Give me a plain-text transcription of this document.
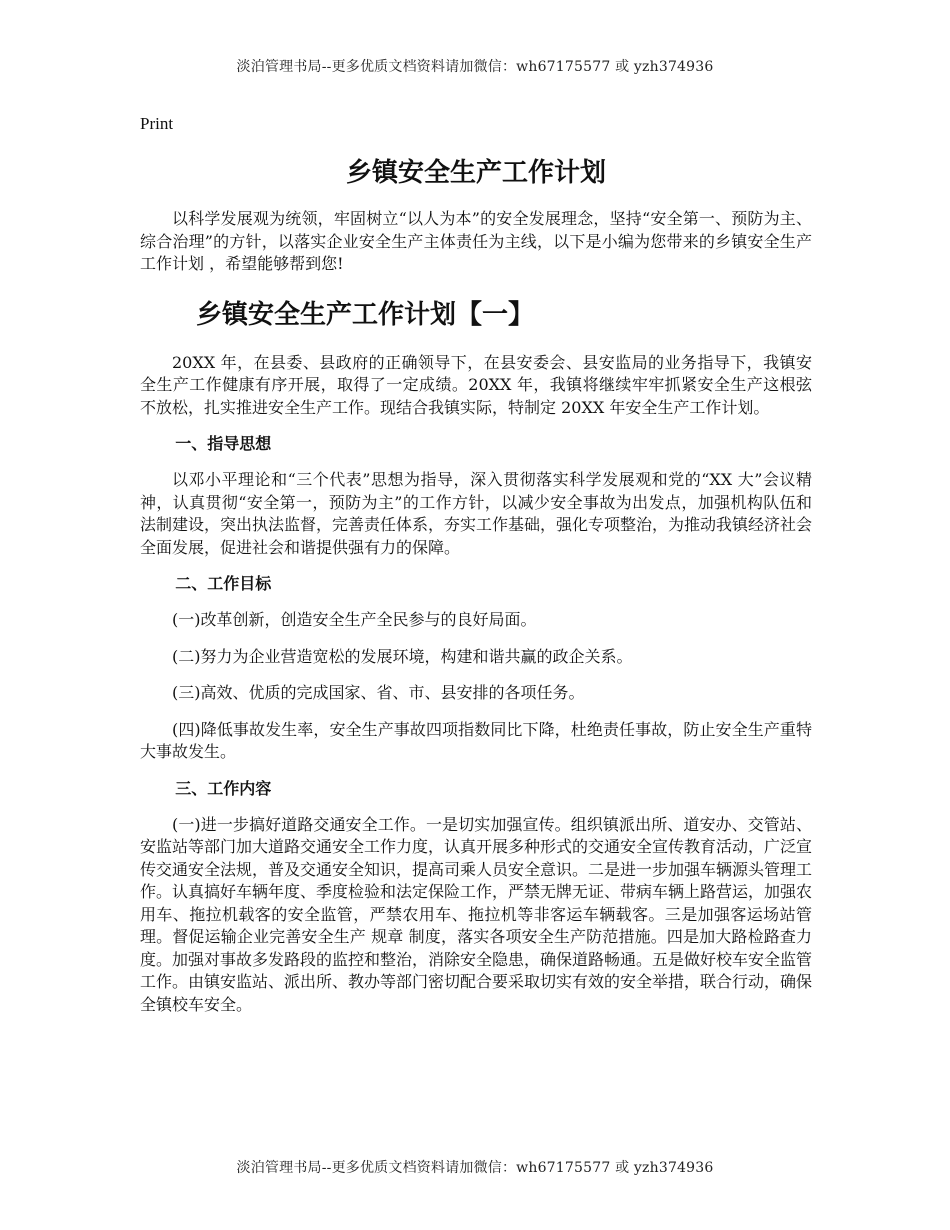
淡泊管理书局--更多优质文档资料请加微信：wh67175577 或 yzh374936
Print
乡镇安全生产工作计划

以科学发展观为统领，牢固树立“以人为本”的安全发展理念，坚持“安全第一、预防为主、综合治理”的方针，以落实企业安全生产主体责任为主线，以下是小编为您带来的乡镇安全生产 工作计划 ，希望能够帮到您!

乡镇安全生产工作计划【一】

20XX 年，在县委、县政府的正确领导下，在县安委会、县安监局的业务指导下，我镇安全生产工作健康有序开展，取得了一定成绩。20XX 年，我镇将继续牢牢抓紧安全生产这根弦不放松，扎实推进安全生产工作。现结合我镇实际，特制定 20XX 年安全生产工作计划。

一、指导思想

以邓小平理论和“三个代表”思想为指导，深入贯彻落实科学发展观和党的“XX 大”会议精神，认真贯彻“安全第一，预防为主”的工作方针，以减少安全事故为出发点，加强机构队伍和法制建设，突出执法监督，完善责任体系，夯实工作基础，强化专项整治，为推动我镇经济社会全面发展，促进社会和谐提供强有力的保障。

二、工作目标

(一)改革创新，创造安全生产全民参与的良好局面。

(二)努力为企业营造宽松的发展环境，构建和谐共赢的政企关系。

(三)高效、优质的完成国家、省、市、县安排的各项任务。

(四)降低事故发生率，安全生产事故四项指数同比下降，杜绝责任事故，防止安全生产重特大事故发生。

三、工作内容

(一)进一步搞好道路交通安全工作。一是切实加强宣传。组织镇派出所、道安办、交管站、安监站等部门加大道路交通安全工作力度，认真开展多种形式的交通安全宣传教育活动，广泛宣传交通安全法规，普及交通安全知识，提高司乘人员安全意识。二是进一步加强车辆源头管理工作。认真搞好车辆年度、季度检验和法定保险工作，严禁无牌无证、带病车辆上路营运，加强农用车、拖拉机载客的安全监管，严禁农用车、拖拉机等非客运车辆载客。三是加强客运场站管理。督促运输企业完善安全生产 规章 制度，落实各项安全生产防范措施。四是加大路检路查力度。加强对事故多发路段的监控和整治，消除安全隐患，确保道路畅通。五是做好校车安全监管工作。由镇安监站、派出所、教办等部门密切配合要采取切实有效的安全举措，联合行动，确保全镇校车安全。

淡泊管理书局--更多优质文档资料请加微信：wh67175577 或 yzh374936
